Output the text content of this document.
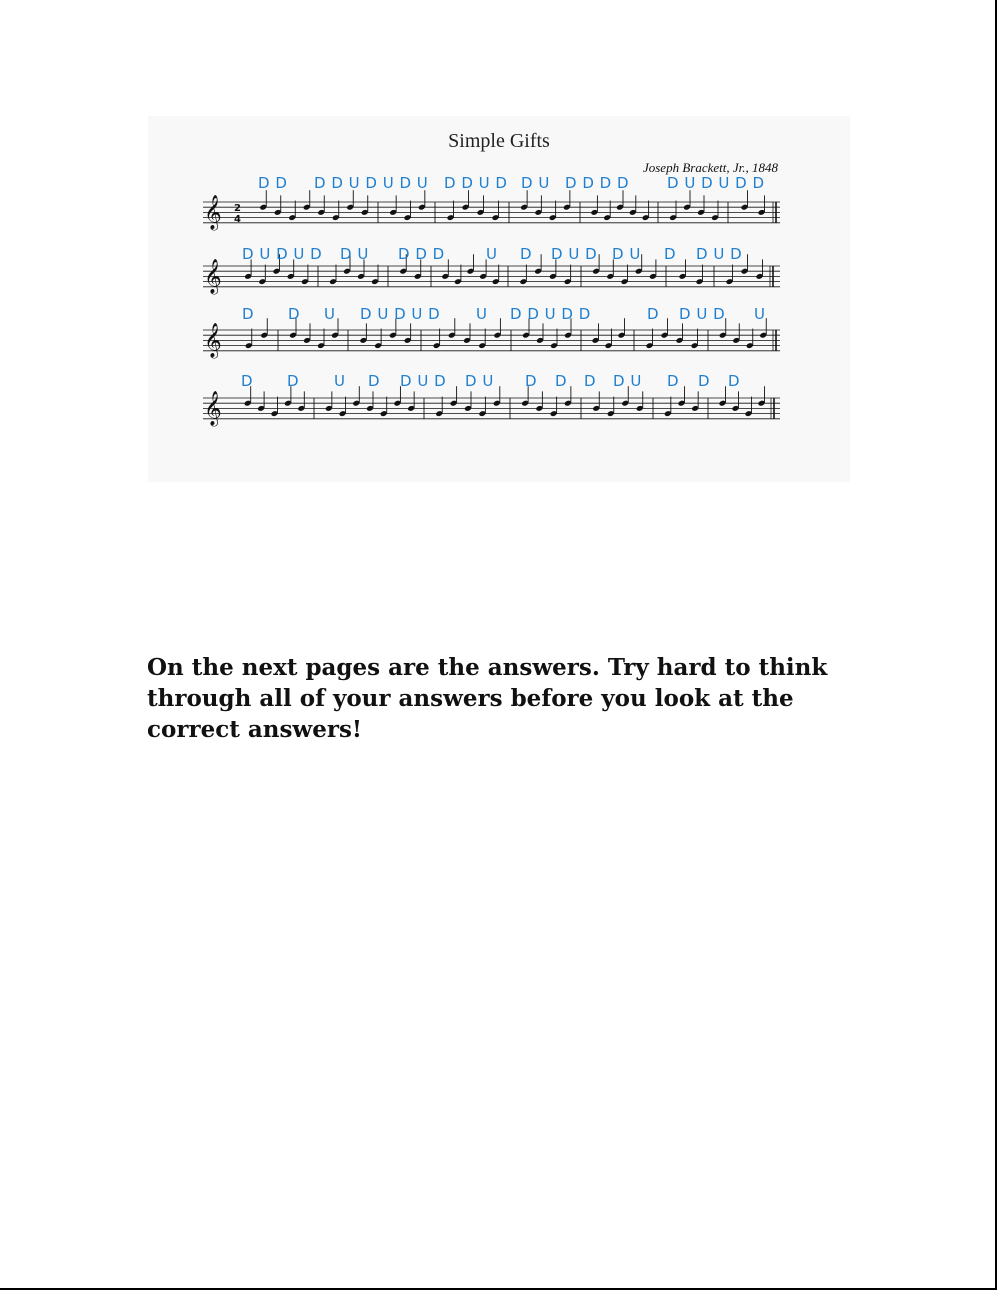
Simple Gifts
Joseph Brackett, Jr., 1848
𝄞 2
4
𝄞
𝄞
𝄞
D D D D U D U D U D D U D D U D D D D	D U D U D D
D U D U D D U D D D	U D D U D D U D D U D
D D U D U D U D U D D U D D	D D U D U
D D U D D U D D U D D D D U D D D
On the next pages are the answers. Try hard to think through all of your answers before you look at the correct answers!
